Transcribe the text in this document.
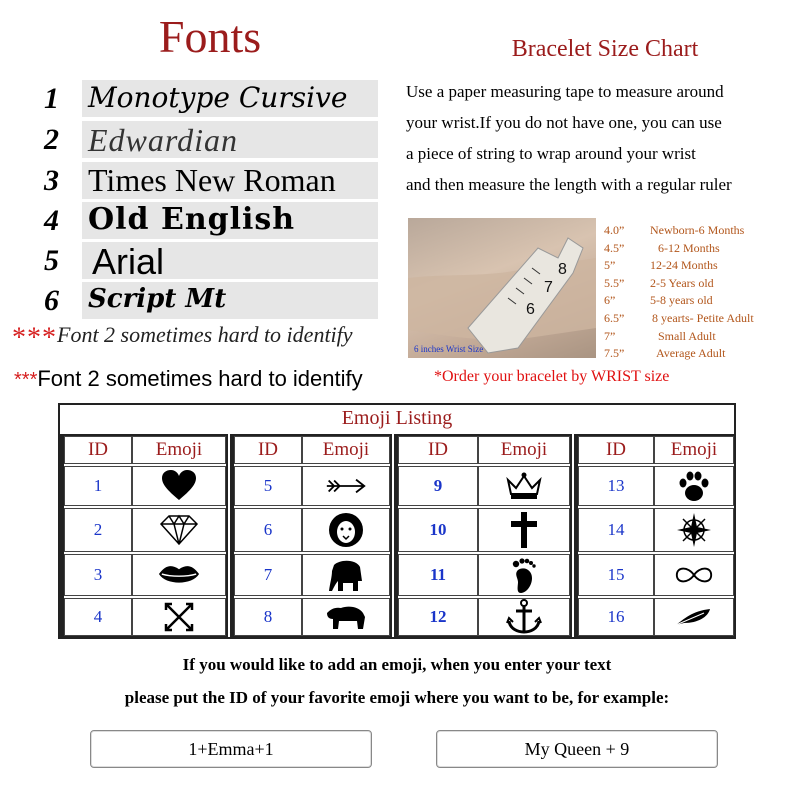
Fonts
1	Monotype Cursive
2 Edwardian
3 Times New Roman
4 Old English
5 Arial
6	Script Mt
***Font 2 sometimes hard to identify
***Font 2 sometimes hard to identify
Bracelet Size Chart
Use a paper measuring tape to measure around
your wrist.If you do not have one, you can use
a piece of string to wrap around your wrist
and then measure the length with a regular ruler
6
7
8
6 inches Wrist Size
4.0”	Newborn-6 Months
4.5”	6-12 Months
5”	12-24 Months
5.5”	2-5 Years old
6”	5-8 years old
6.5”	8 yearts- Petite Adult
7”	Small Adult
7.5”	Average Adult
*Order your bracelet by WRIST size
Emoji Listing
ID	Emoji
1
2
3
4
ID	Emoji
5
6
7
8
ID	Emoji
9
10
11
12
ID	Emoji
13
14
15
16
If you would like to add an emoji, when you enter your text
please put the ID of your favorite emoji where you want to be, for example:
1+Emma+1	My Queen + 9
